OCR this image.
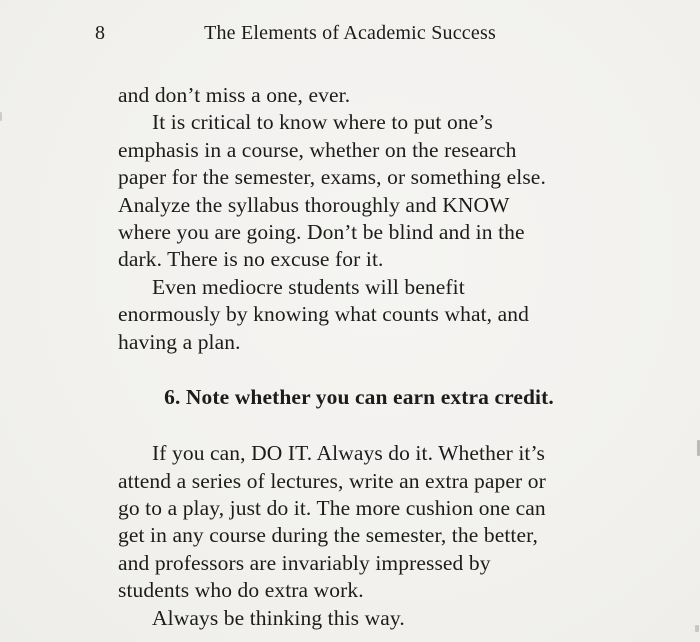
8	The Elements of Academic Success

and don’t miss a one, ever.

It is critical to know where to put one’s
emphasis in a course, whether on the research
paper for the semester, exams, or something else.
Analyze the syllabus thoroughly and KNOW
where you are going. Don’t be blind and in the
dark. There is no excuse for it.

Even mediocre students will benefit
enormously by knowing what counts what, and
having a plan.

6. Note whether you can earn extra credit.

If you can, DO IT. Always do it. Whether it’s
attend a series of lectures, write an extra paper or
go to a play, just do it. The more cushion one can
get in any course during the semester, the better,
and professors are invariably impressed by
students who do extra work.

Always be thinking this way.
